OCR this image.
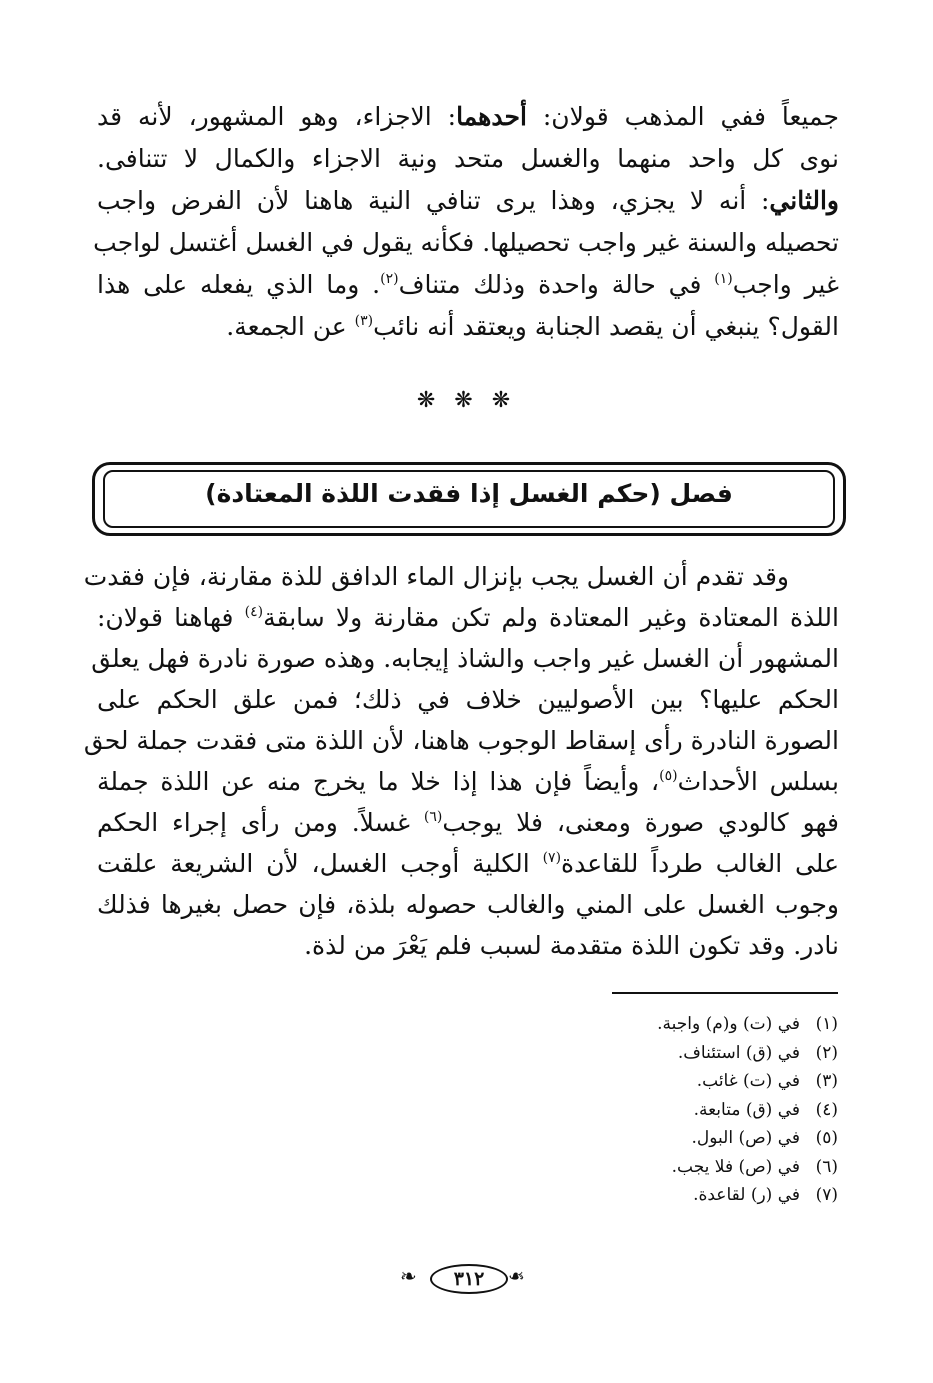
جميعاً ففي المذهب قولان: أحدهما: الاجزاء، وهو المشهور، لأنه قد
نوى كل واحد منهما والغسل متحد ونية الاجزاء والكمال لا تتنافى.
والثاني: أنه لا يجزي، وهذا يرى تنافي النية هاهنا لأن الفرض واجب
تحصيله والسنة غير واجب تحصيلها. فكأنه يقول في الغسل أغتسل لواجب
غير واجب$^{(١)}$ في حالة واحدة وذلك متناف$^{(٢)}$. وما الذي يفعله على هذا
القول؟ ينبغي أن يقصد الجنابة ويعتقد أنه نائب$^{(٣)}$ عن الجمعة.
❋ ❋ ❋
فصل (حكم الغسل إذا فقدت اللذة المعتادة)
وقد تقدم أن الغسل يجب بإنزال الماء الدافق للذة مقارنة، فإن فقدت
اللذة المعتادة وغير المعتادة ولم تكن مقارنة ولا سابقة$^{(٤)}$ فهاهنا قولان:
المشهور أن الغسل غير واجب والشاذ إيجابه. وهذه صورة نادرة فهل يعلق
الحكم عليها؟ بين الأصوليين خلاف في ذلك؛ فمن علق الحكم على
الصورة النادرة رأى إسقاط الوجوب هاهنا، لأن اللذة متى فقدت جملة لحق
بسلس الأحداث$^{(٥)}$، وأيضاً فإن هذا إذا خلا ما يخرج منه عن اللذة جملة
فهو كالودي صورة ومعنى، فلا يوجب$^{(٦)}$ غسلاً. ومن رأى إجراء الحكم
على الغالب طرداً للقاعدة$^{(٧)}$ الكلية أوجب الغسل، لأن الشريعة علقت
وجوب الغسل على المني والغالب حصوله بلذة، فإن حصل بغيرها فذلك
نادر. وقد تكون اللذة متقدمة لسبب فلم يَعْرَ من لذة.
(١)في (ت) و(م) واجبة.
(٢)في (ق) استئناف.
(٣)في (ت) غائب.
(٤)في (ق) متابعة.
(٥)في (ص) البول.
(٦)في (ص) فلا يجب.
(٧)في (ر) لقاعدة.
❧	٣١٢	❧
